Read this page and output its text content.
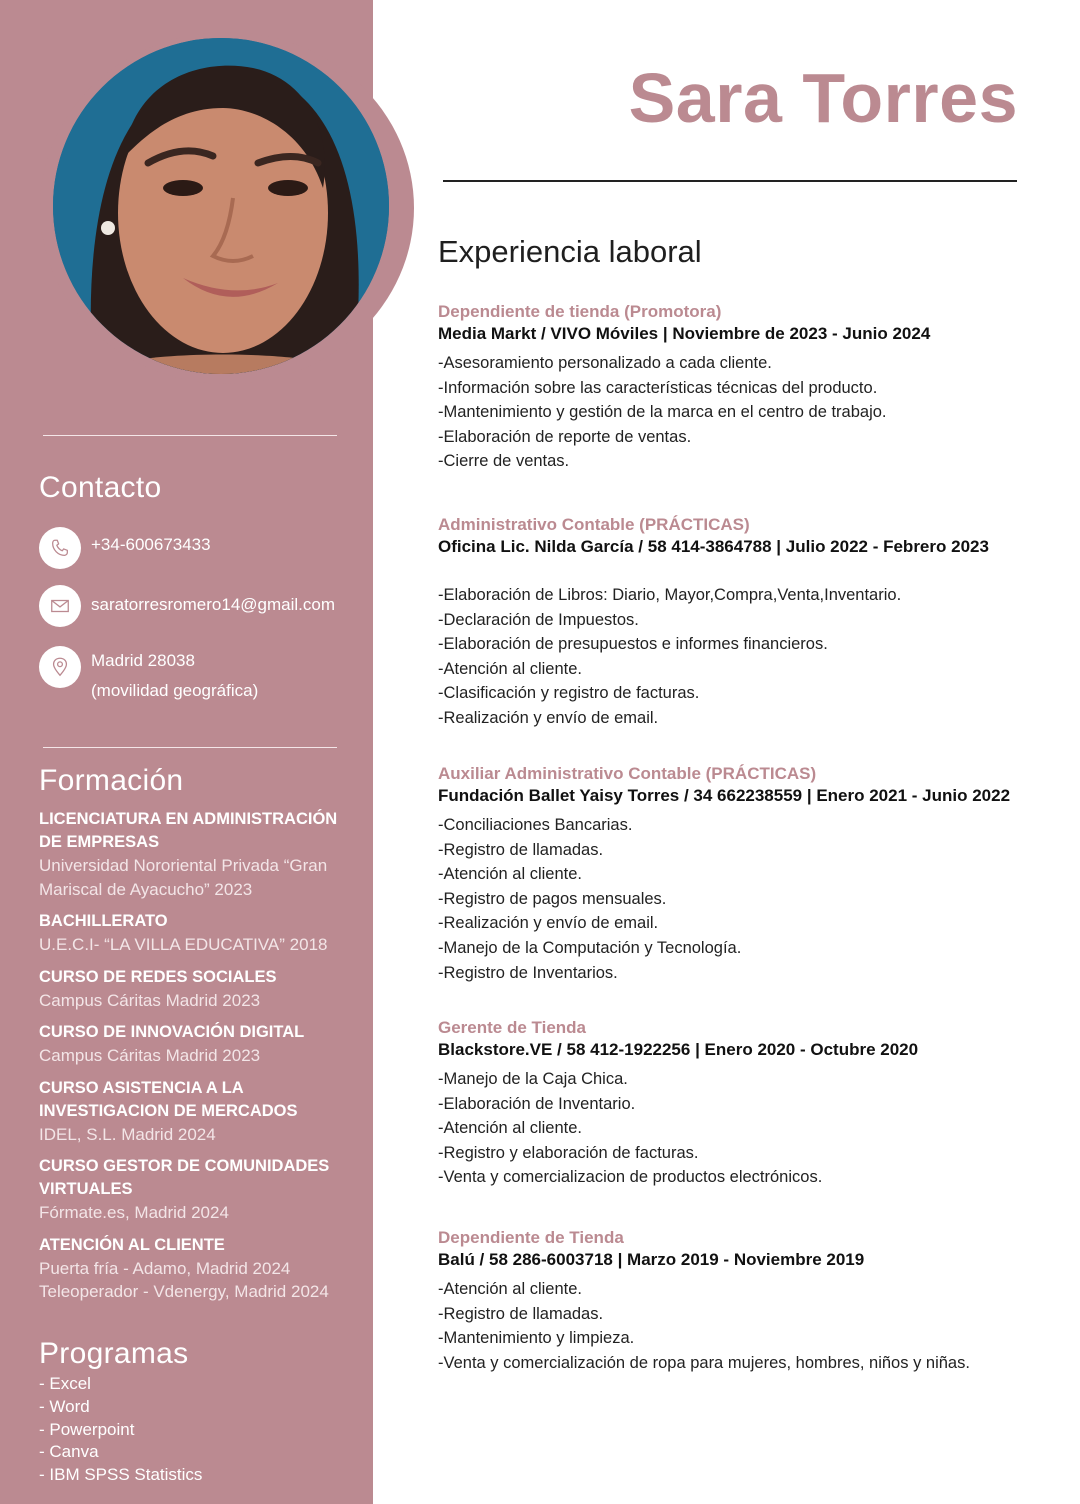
Contacto
+34-600673433
saratorresromero14@gmail.com
Madrid 28038
(movilidad geográfica)
Formación
LICENCIATURA EN ADMINISTRACIÓN DE EMPRESAS
Universidad Nororiental Privada “Gran Mariscal de Ayacucho” 2023
BACHILLERATO
U.E.C.I- “LA VILLA EDUCATIVA” 2018
CURSO DE REDES SOCIALES
Campus Cáritas Madrid 2023
CURSO DE INNOVACIÓN DIGITAL
Campus Cáritas Madrid 2023
CURSO ASISTENCIA A LA INVESTIGACION DE MERCADOS
IDEL, S.L. Madrid 2024
CURSO GESTOR DE COMUNIDADES VIRTUALES
Fórmate.es, Madrid 2024
ATENCIÓN AL CLIENTE
Puerta fría - Adamo, Madrid 2024
Teleoperador - Vdenergy, Madrid 2024
Programas
- Excel
- Word
- Powerpoint
- Canva
- IBM SPSS Statistics
Sara Torres
Experiencia laboral
Dependiente de tienda (Promotora)
Media Markt / VIVO Móviles | Noviembre de 2023 - Junio 2024
-Asesoramiento personalizado a cada cliente.
-Información sobre las características técnicas del producto.
-Mantenimiento y gestión de la marca en el centro de trabajo.
-Elaboración de reporte de ventas.
-Cierre de ventas.
Administrativo Contable (PRÁCTICAS)
Oficina Lic. Nilda García / 58 414-3864788 | Julio 2022 - Febrero 2023
-Elaboración de Libros: Diario, Mayor,Compra,Venta,Inventario.
-Declaración de Impuestos.
-Elaboración de presupuestos e informes financieros.
-Atención al cliente.
-Clasificación y registro de facturas.
-Realización y envío de email.
Auxiliar Administrativo Contable (PRÁCTICAS)
Fundación Ballet Yaisy Torres / 34 662238559 | Enero 2021 - Junio 2022
-Conciliaciones Bancarias.
-Registro de llamadas.
-Atención al cliente.
-Registro de pagos mensuales.
-Realización y envío de email.
-Manejo de la Computación y Tecnología.
-Registro de Inventarios.
Gerente de Tienda
Blackstore.VE / 58 412-1922256 | Enero 2020 - Octubre 2020
-Manejo de la Caja Chica.
-Elaboración de Inventario.
-Atención al cliente.
-Registro y elaboración de facturas.
-Venta y comercializacion de productos electrónicos.
Dependiente de Tienda
Balú / 58 286-6003718 | Marzo 2019 - Noviembre 2019
-Atención al cliente.
-Registro de llamadas.
-Mantenimiento y limpieza.
-Venta y comercialización de ropa para mujeres, hombres, niños y niñas.
